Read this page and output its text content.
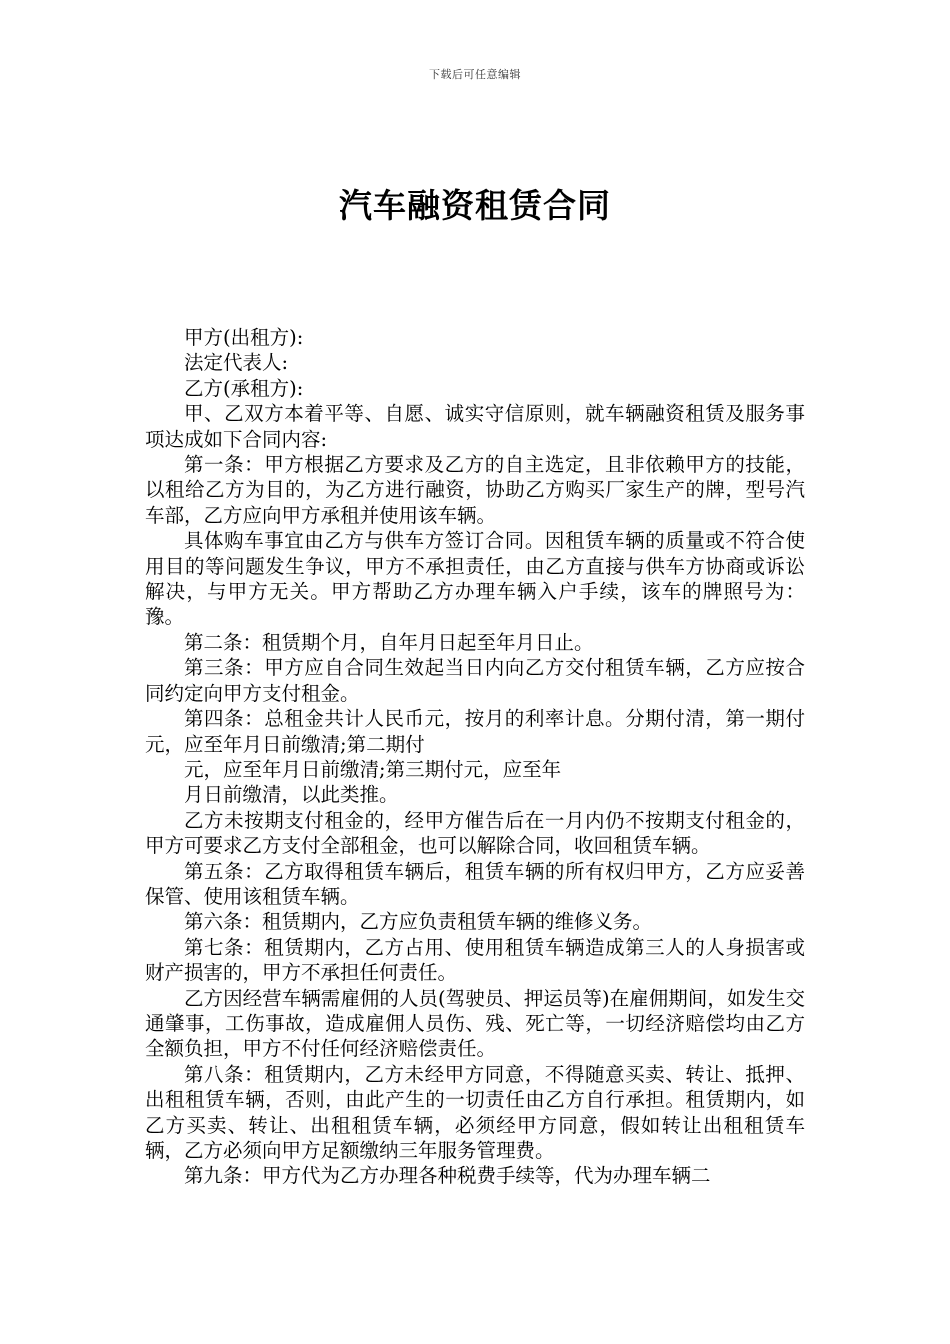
下载后可任意编辑
汽车融资租赁合同

甲方(出租方):

法定代表人:

乙方(承租方):

甲、乙双方本着平等、自愿、诚实守信原则，就车辆融资租赁及服务事项达成如下合同内容:

第一条：甲方根据乙方要求及乙方的自主选定，且非依赖甲方的技能，以租给乙方为目的，为乙方进行融资，协助乙方购买厂家生产的牌，型号汽车部，乙方应向甲方承租并使用该车辆。

具体购车事宜由乙方与供车方签订合同。因租赁车辆的质量或不符合使用目的等问题发生争议，甲方不承担责任，由乙方直接与供车方协商或诉讼解决，与甲方无关。甲方帮助乙方办理车辆入户手续，该车的牌照号为：豫。

第二条：租赁期个月，自年月日起至年月日止。

第三条：甲方应自合同生效起当日内向乙方交付租赁车辆，乙方应按合同约定向甲方支付租金。

第四条：总租金共计人民币元，按月的利率计息。分期付清，第一期付元，应至年月日前缴清;第二期付

元，应至年月日前缴清;第三期付元，应至年

月日前缴清，以此类推。

乙方未按期支付租金的，经甲方催告后在一月内仍不按期支付租金的，甲方可要求乙方支付全部租金，也可以解除合同，收回租赁车辆。

第五条：乙方取得租赁车辆后，租赁车辆的所有权归甲方，乙方应妥善保管、使用该租赁车辆。

第六条：租赁期内，乙方应负责租赁车辆的维修义务。

第七条：租赁期内，乙方占用、使用租赁车辆造成第三人的人身损害或财产损害的，甲方不承担任何责任。

乙方因经营车辆需雇佣的人员(驾驶员、押运员等)在雇佣期间，如发生交通肇事，工伤事故，造成雇佣人员伤、残、死亡等，一切经济赔偿均由乙方全额负担，甲方不付任何经济赔偿责任。

第八条：租赁期内，乙方未经甲方同意，不得随意买卖、转让、抵押、出租租赁车辆，否则，由此产生的一切责任由乙方自行承担。租赁期内，如乙方买卖、转让、出租租赁车辆，必须经甲方同意，假如转让出租租赁车辆，乙方必须向甲方足额缴纳三年服务管理费。

第九条：甲方代为乙方办理各种税费手续等，代为办理车辆二
